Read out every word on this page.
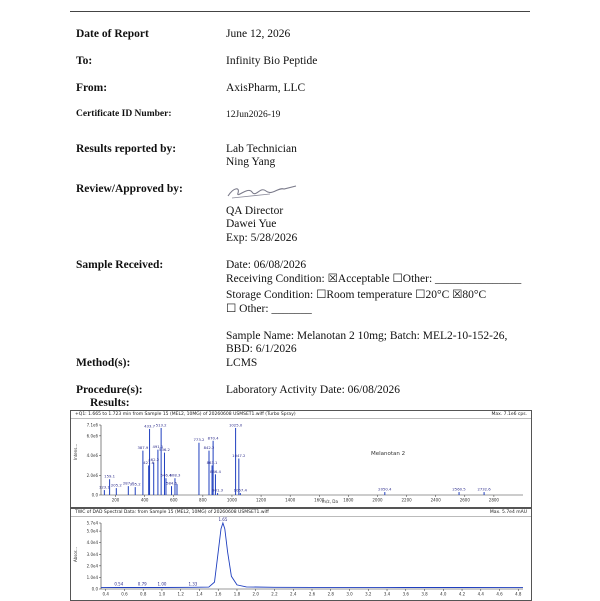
Date of Report	June 12, 2026
To:	Infinity Bio Peptide
From:	AxisPharm, LLC
Certificate ID Number:	12Jun2026-19
Results reported by:	Lab Technician
Ning Yang
Review/Approved by:
QA Director
Dawei Yue
Exp: 5/28/2026
Sample Received:	Date: 06/08/2026
Receiving Condition: ☒Acceptable ☐Other: _______________
Storage Condition: ☐Room temperature ☐20°C ☒80°C
☐ Other: _______
Sample Name: Melanotan 2 10mg; Batch: MEL2-10-152-26,
BBD: 6/1/2026
Method(s):	LCMS
Procedure(s):	Laboratory Activity Date: 06/08/2026
Results:
+Q1: 1.665 to 1.723 min from Sample 15 (MEL2, 10MG) of 20260608 USMSET1.wiff (Turbo Spray)	Max. 7.1e6 cps.
Intens...
m/z, Da
Melanotan 2
200	400	600	800	1000	1200	1400	1600	1800	2000	2200	2400	2600	2800
7.1e6
6.0e6
4.0e6
2.0e6
0.0
123.1
159.1
205.2 287.7
335.2
387.9
427.6
433.7
462.2
491.1
513.2
536.2
546.4
584.6
608.3
773.2
842.2
863.1
870.4
886.4
901.3
1025.0
1047.2
1057.4	2050.4	2560.5	2732.6
TWC of DAD Spectral Data: from Sample 15 (MEL2, 10MG) of 20260608 USMSET1.wiff	Max. 5.7e4 mAU
Absor...
0.4	0.6	0.8	1.0	1.2	1.4	1.6	1.8	2.0	2.2	2.4	2.6	2.8	3.0	3.2	3.4	3.6	3.8	4.0	4.2	4.4	4.6	4.8
5.7e4
5.0e4
4.0e4
3.0e4
2.0e4
1.0e4
0.0
0.54	0.79	1.00	1.33
1.65
